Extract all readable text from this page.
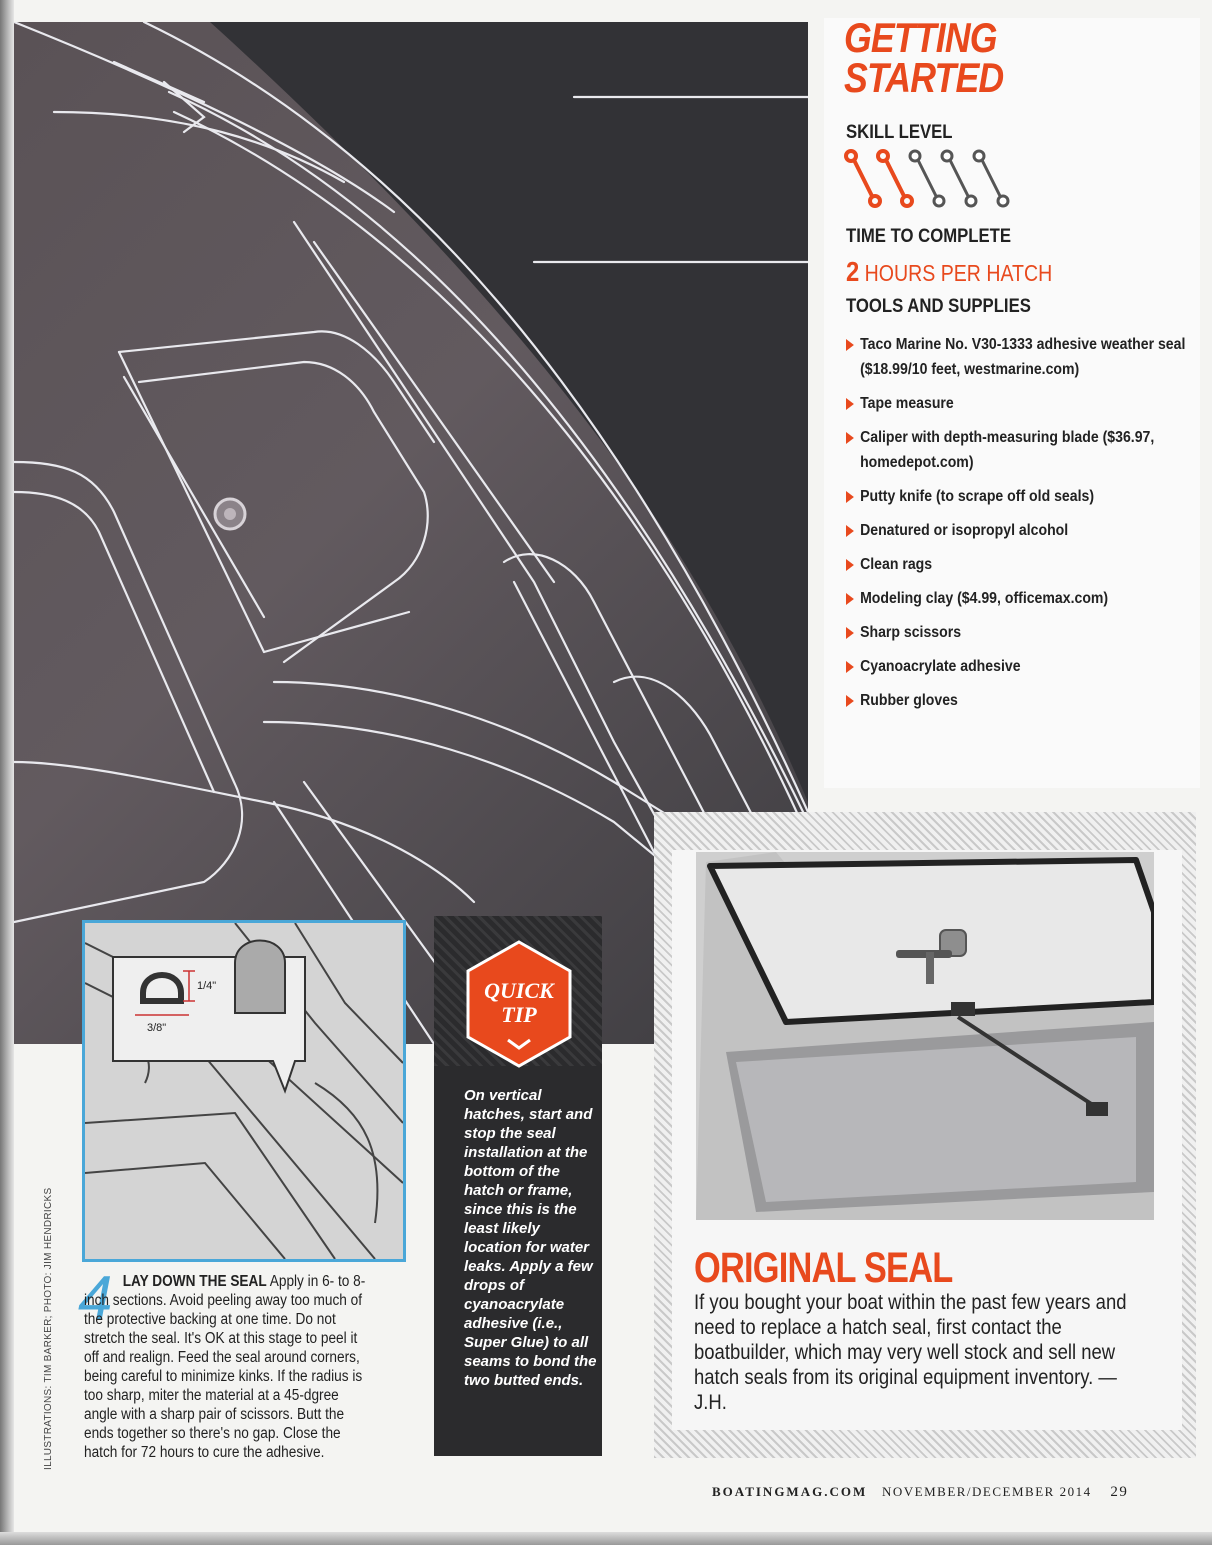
GETTING
STARTED
SKILL LEVEL
TIME TO COMPLETE
2 HOURS PER HATCH
TOOLS AND SUPPLIES
Taco Marine No. V30-1333 adhesive weather seal ($18.99/10 feet, westmarine.com)
Tape measure
Caliper with depth-measuring blade ($36.97, homedepot.com)
Putty knife (to scrape off old seals)
Denatured or isopropyl alcohol
Clean rags
Modeling clay ($4.99, officemax.com)
Sharp scissors
Cyanoacrylate adhesive
Rubber gloves
ORIGINAL SEAL
If you bought your boat within the past few years and need to replace a hatch seal, first contact the boatbuilder, which may very well stock and sell new hatch seals from its original equipment inventory. — J.H.
QUICK
TIP
On vertical hatches, start and stop the seal installation at the bottom of the hatch or frame, since this is the least likely location for water leaks. Apply a few drops of cyanoacrylate adhesive (i.e., Super Glue) to all seams to bond the two butted ends.
1/4"
3/8"
4 LAY DOWN THE SEAL Apply in 6- to 8-inch sections. Avoid peeling away too much of the protective backing at one time. Do not stretch the seal. It's OK at this stage to peel it off and realign. Feed the seal around corners, being careful to minimize kinks. If the radius is too sharp, miter the material at a 45-dgree angle with a sharp pair of scissors. Butt the ends together so there's no gap. Close the hatch for 72 hours to cure the adhesive.
ILLUSTRATIONS: TIM BARKER; PHOTO: JIM HENDRICKS
BOATINGMAG.COM NOVEMBER/DECEMBER 2014 29
